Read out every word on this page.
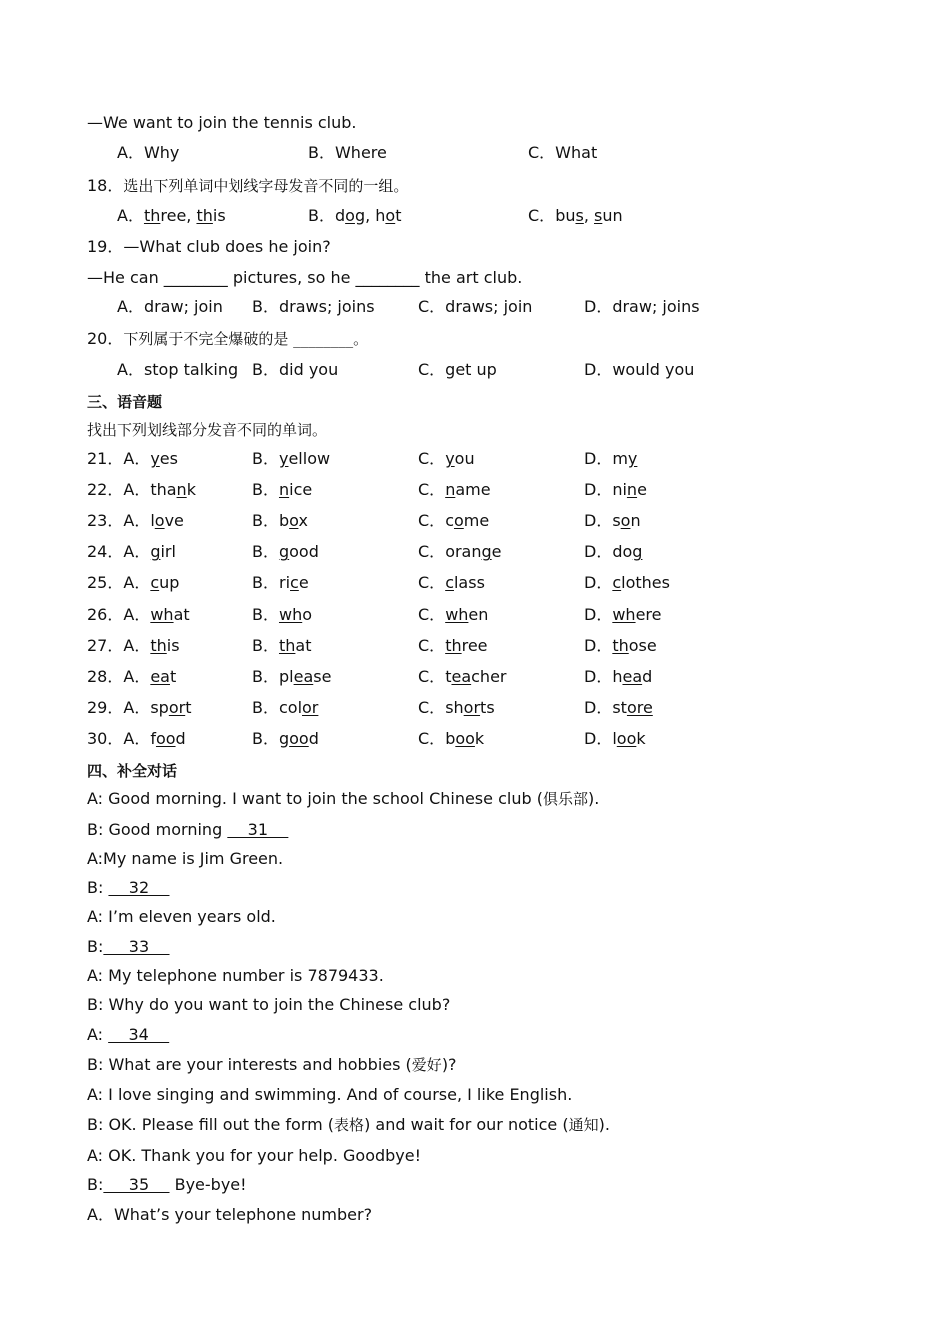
—We want to join the tennis club.
A．Why	B．Where	C．What
18．选出下列单词中划线字母发音不同的一组。
A．three, this	B．dog, hot	C．bus, sun
19．—What club does he join?
—He can ________ pictures, so he ________ the art club.
A．draw; join B．draws; joins	C．draws; join	D．draw; joins
20．下列属于不完全爆破的是 ________。
A．stop talking B．did you	C．get up	D．would you
三、语音题
找出下列划线部分发音不同的单词。
21．A．yes	B．yellow	C．you	D．my
22．A．thank	B．nice	C．name	D．nine
23．A．love	B．box	C．come	D．son
24．A．girl	B．good	C．orange	D．dog
25．A．cup	B．rice	C．class	D．clothes
26．A．what	B．who	C．when	D．where
27．A．this	B．that	C．three	D．those
28．A．eat	B．please	C．teacher	D．head
29．A．sport	B．color	C．shorts	D．store
30．A．food	B．good	C．book	D．look
四、补全对话
A: Good morning. I want to join the school Chinese club (俱乐部).
B: Good morning     31
A:My name is Jim Green.
B:     32
A: I’m eleven years old.
B:     33
A: My telephone number is 7879433.
B: Why do you want to join the Chinese club?
A:     34
B: What are your interests and hobbies (爱好)?
A: I love singing and swimming. And of course, I like English.
B: OK. Please fill out the form (表格) and wait for our notice (通知).
A: OK. Thank you for your help. Goodbye!
B:     35     Bye-bye!
A．What’s your telephone number?
